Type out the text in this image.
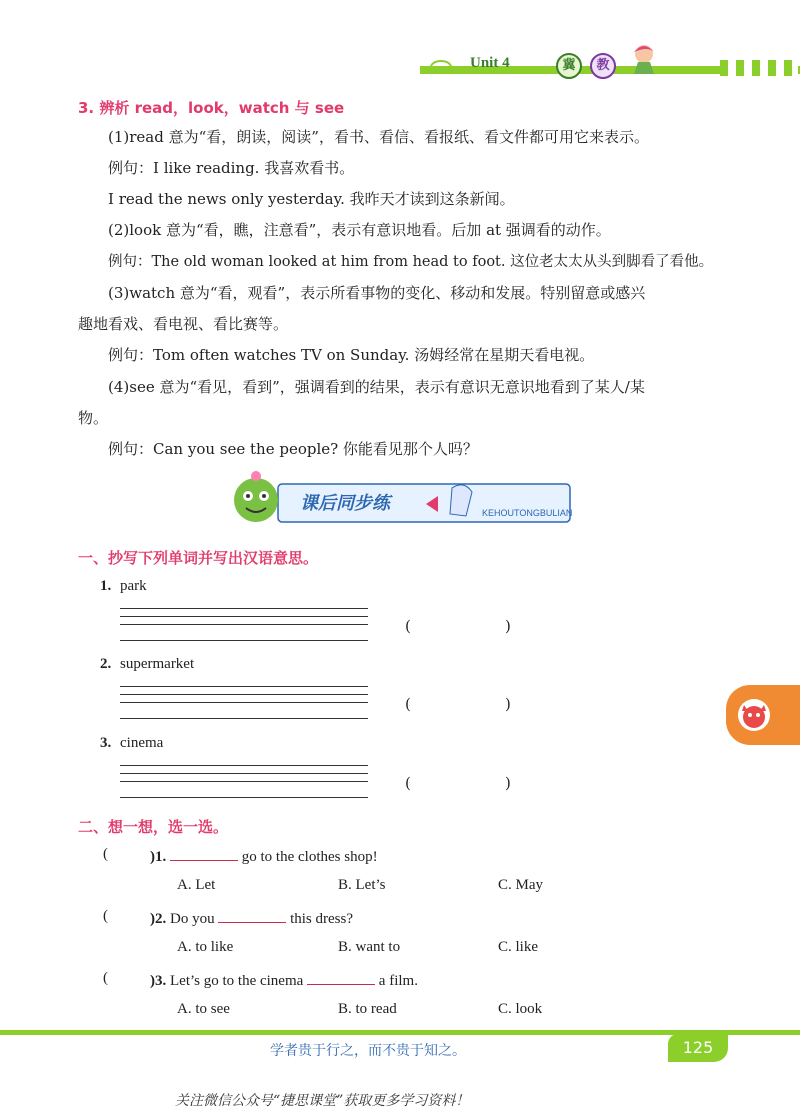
Unit 4	冀	教
3. 辨析 read，look，watch 与 see
(1)read 意为“看，朗读，阅读”，看书、看信、看报纸、看文件都可用它来表示。
例句：I like reading. 我喜欢看书。
I read the news only yesterday. 我昨天才读到这条新闻。
(2)look 意为“看，瞧，注意看”，表示有意识地看。后加 at 强调看的动作。
例句：The old woman looked at him from head to foot. 这位老太太从头到脚看了看他。
(3)watch 意为“看，观看”，表示所看事物的变化、移动和发展。特别留意或感兴
趣地看戏、看电视、看比赛等。
例句：Tom often watches TV on Sunday. 汤姆经常在星期天看电视。
(4)see 意为“看见，看到”，强调看到的结果，表示有意识无意识地看到了某人/某
物。
例句：Can you see the people? 你能看见那个人吗？
课后同步练	KEHOUTONGBULIAN
一、抄写下列单词并写出汉语意思。
1. park
(	)
2. supermarket
(	)
3. cinema
(	)
二、想一想，选一选。
(	)1.	go to the clothes shop!
A. Let	B. Let’s	C. May
(	)2. Do you	this dress?
A. to like	B. want to	C. like
(	)3. Let’s go to the cinema	a film.
A. to see	B. to read	C. look
学者贵于行之，而不贵于知之。	125
关注微信公众号“捷思课堂”获取更多学习资料！
